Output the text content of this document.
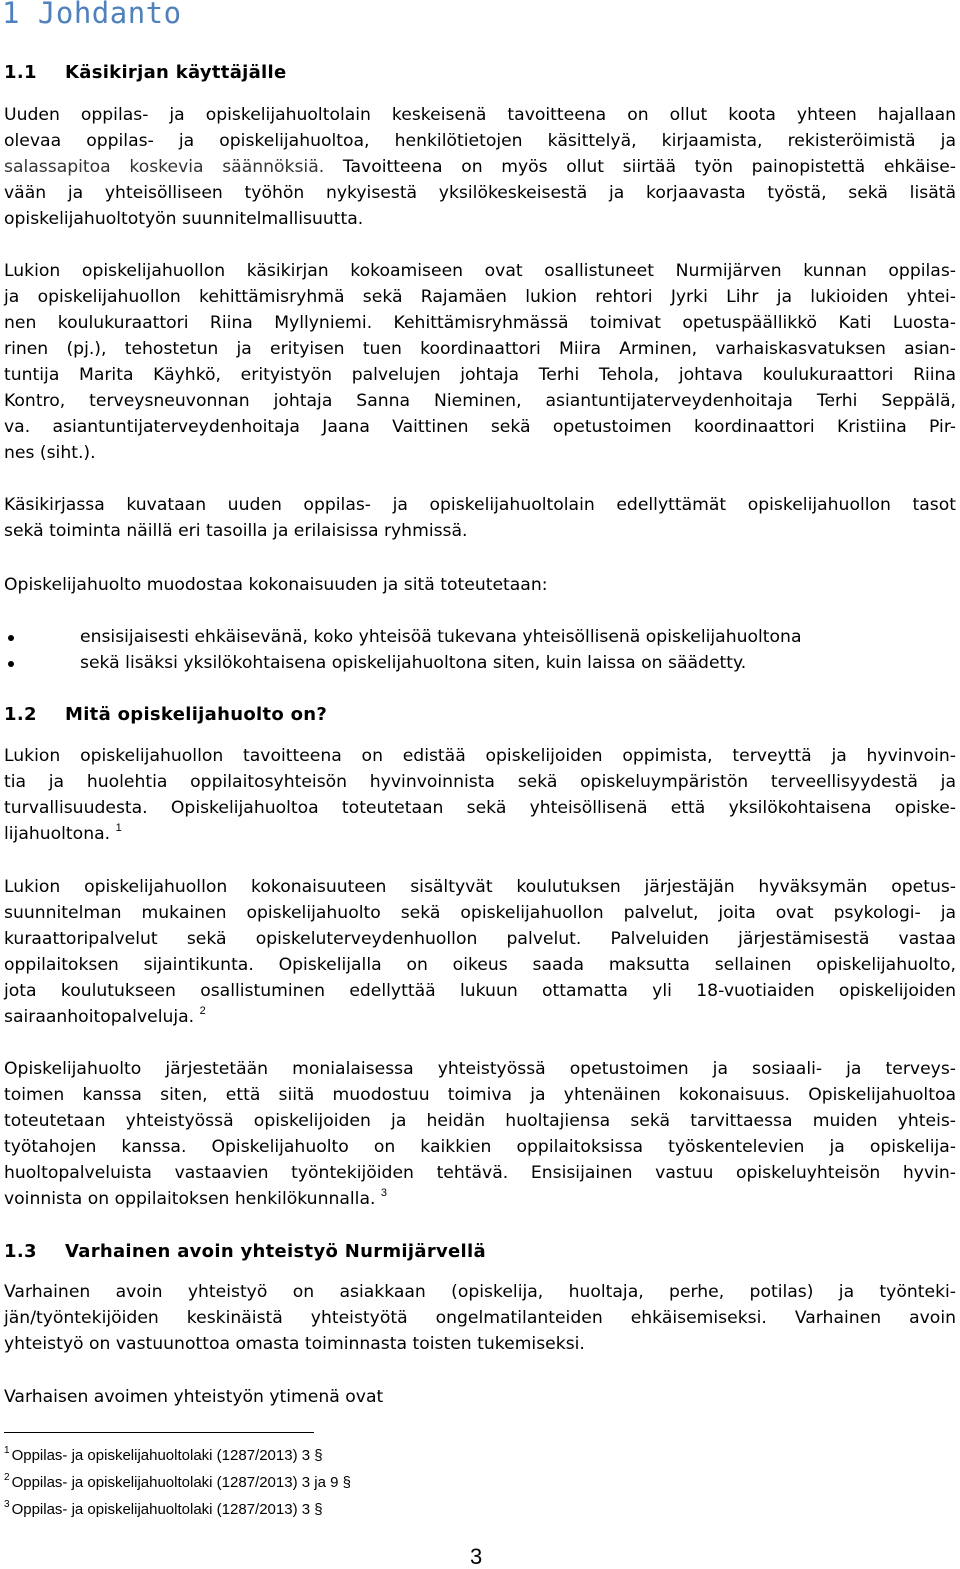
1 Johdanto
1.1 Käsikirjan käyttäjälle

Uuden oppilas- ja opiskelijahuoltolain keskeisenä tavoitteena on ollut koota yhteen hajallaan

olevaa oppilas- ja opiskelijahuoltoa, henkilötietojen käsittelyä, kirjaamista, rekisteröimistä ja

salassapitoa koskevia säännöksiä. Tavoitteena on myös ollut siirtää työn painopistettä ehkäise-

vään ja yhteisölliseen työhön nykyisestä yksilökeskeisestä ja korjaavasta työstä, sekä lisätä

opiskelijahuoltotyön suunnitelmallisuutta.

Lukion opiskelijahuollon käsikirjan kokoamiseen ovat osallistuneet Nurmijärven kunnan oppilas-

ja opiskelijahuollon kehittämisryhmä sekä Rajamäen lukion rehtori Jyrki Lihr ja lukioiden yhtei-

nen koulukuraattori Riina Myllyniemi. Kehittämisryhmässä toimivat opetuspäällikkö Kati Luosta-

rinen (pj.), tehostetun ja erityisen tuen koordinaattori Miira Arminen, varhaiskasvatuksen asian-

tuntija Marita Käyhkö, erityistyön palvelujen johtaja Terhi Tehola, johtava koulukuraattori Riina

Kontro, terveysneuvonnan johtaja Sanna Nieminen, asiantuntijaterveydenhoitaja Terhi Seppälä,

va. asiantuntijaterveydenhoitaja Jaana Vaittinen sekä opetustoimen koordinaattori Kristiina Pir-

nes (siht.).

Käsikirjassa kuvataan uuden oppilas- ja opiskelijahuoltolain edellyttämät opiskelijahuollon tasot

sekä toiminta näillä eri tasoilla ja erilaisissa ryhmissä.

Opiskelijahuolto muodostaa kokonaisuuden ja sitä toteutetaan:

ensisijaisesti ehkäisevänä, koko yhteisöä tukevana yhteisöllisenä opiskelijahuoltona

sekä lisäksi yksilökohtaisena opiskelijahuoltona siten, kuin laissa on säädetty.

1.2 Mitä opiskelijahuolto on?

Lukion opiskelijahuollon tavoitteena on edistää opiskelijoiden oppimista, terveyttä ja hyvinvoin-

tia ja huolehtia oppilaitosyhteisön hyvinvoinnista sekä opiskeluympäristön terveellisyydestä ja

turvallisuudesta. Opiskelijahuoltoa toteutetaan sekä yhteisöllisenä että yksilökohtaisena opiske-

lijahuoltona. $^1$

Lukion opiskelijahuollon kokonaisuuteen sisältyvät koulutuksen järjestäjän hyväksymän opetus-

suunnitelman mukainen opiskelijahuolto sekä opiskelijahuollon palvelut, joita ovat psykologi- ja

kuraattoripalvelut sekä opiskeluterveydenhuollon palvelut. Palveluiden järjestämisestä vastaa

oppilaitoksen sijaintikunta. Opiskelijalla on oikeus saada maksutta sellainen opiskelijahuolto,

jota koulutukseen osallistuminen edellyttää lukuun ottamatta yli 18-vuotiaiden opiskelijoiden

sairaanhoitopalveluja. $^2$

Opiskelijahuolto järjestetään monialaisessa yhteistyössä opetustoimen ja sosiaali- ja terveys-

toimen kanssa siten, että siitä muodostuu toimiva ja yhtenäinen kokonaisuus. Opiskelijahuoltoa

toteutetaan yhteistyössä opiskelijoiden ja heidän huoltajiensa sekä tarvittaessa muiden yhteis-

työtahojen kanssa. Opiskelijahuolto on kaikkien oppilaitoksissa työskentelevien ja opiskelija-

huoltopalveluista vastaavien työntekijöiden tehtävä. Ensisijainen vastuu opiskeluyhteisön hyvin-

voinnista on oppilaitoksen henkilökunnalla. $^3$

1.3 Varhainen avoin yhteistyö Nurmijärvellä

Varhainen avoin yhteistyö on asiakkaan (opiskelija, huoltaja, perhe, potilas) ja työnteki-

jän/työntekijöiden keskinäistä yhteistyötä ongelmatilanteiden ehkäisemiseksi. Varhainen avoin

yhteistyö on vastuunottoa omasta toiminnasta toisten tukemiseksi.

Varhaisen avoimen yhteistyön ytimenä ovat

$^1$ Oppilas- ja opiskelijahuoltolaki (1287/2013) 3 §

$^2$ Oppilas- ja opiskelijahuoltolaki (1287/2013) 3 ja 9 §

$^3$ Oppilas- ja opiskelijahuoltolaki (1287/2013) 3 §

3
